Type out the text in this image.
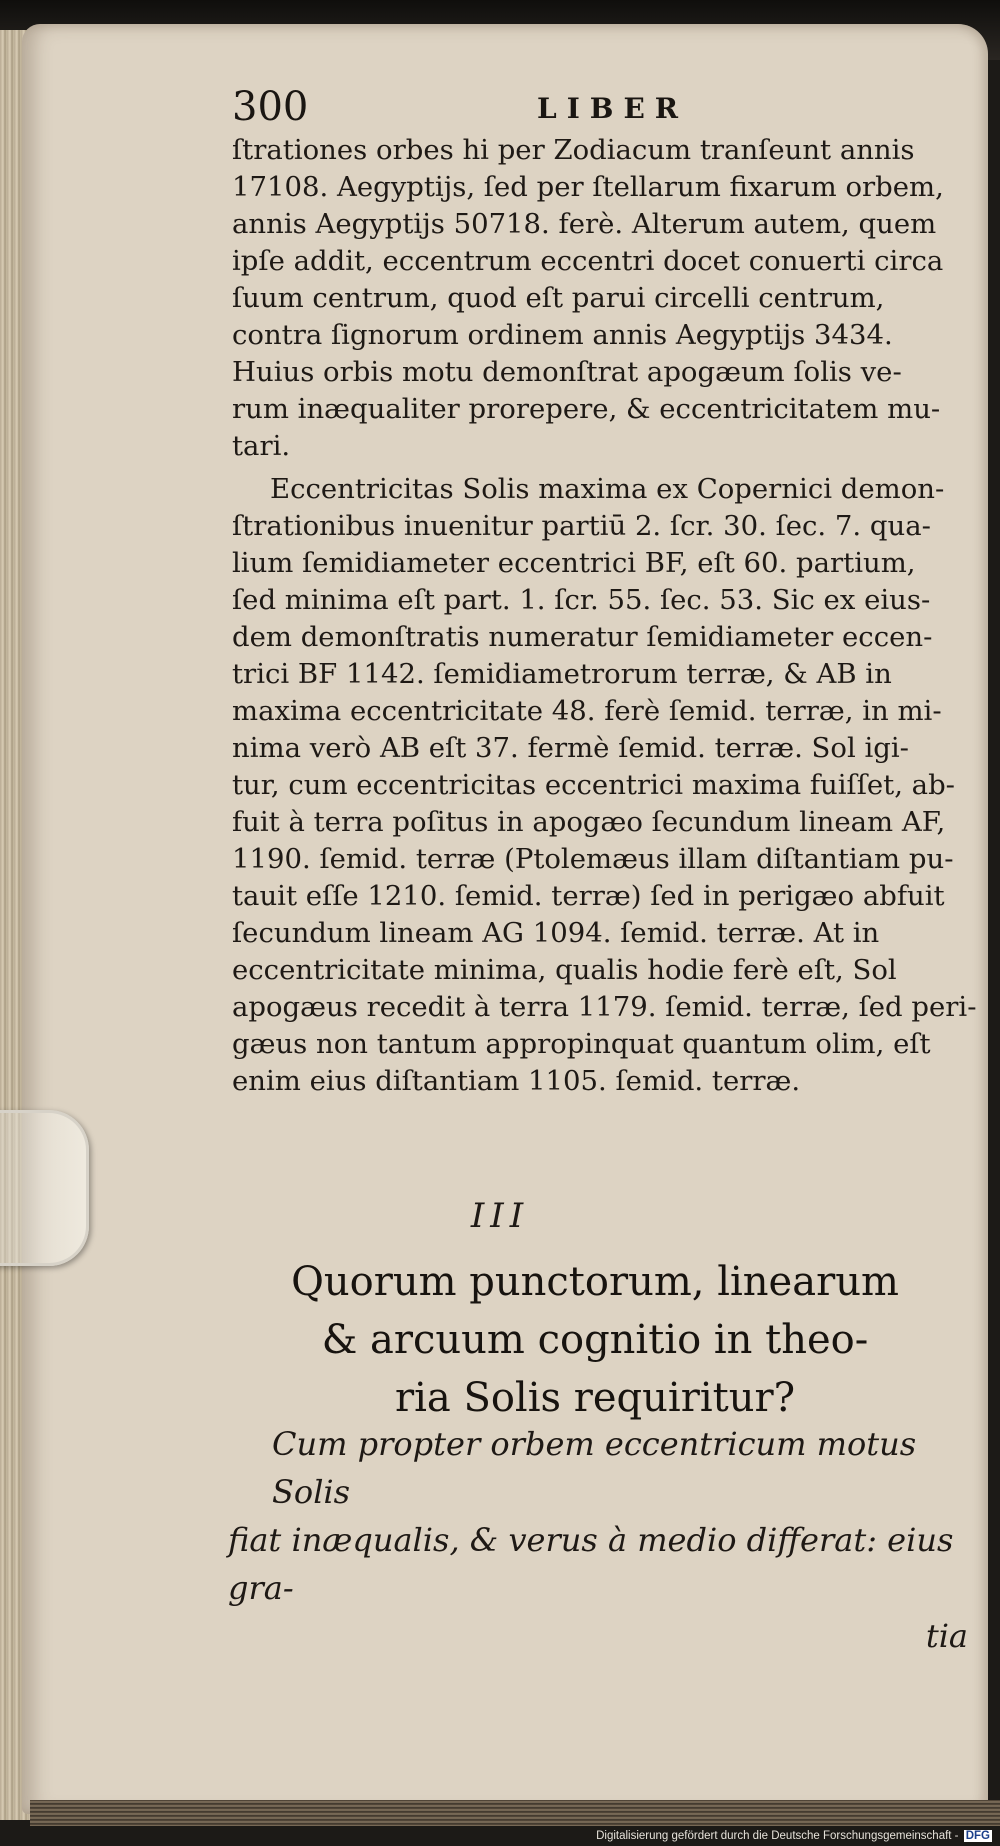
300	LIBER
ſtrationes orbes hi per Zodiacum tranſeunt annis
17108. Aegyptijs, ſed per ſtellarum fixarum orbem,
annis Aegyptijs 50718. ferè. Alterum autem, quem
ipſe addit, eccentrum eccentri docet conuerti circa
ſuum centrum, quod eſt parui circelli centrum,
contra ſignorum ordinem annis Aegyptijs 3434.
Huius orbis motu demonſtrat apogæum ſolis ve-
rum inæqualiter prorepere, & eccentricitatem mu-
tari.
Eccentricitas Solis maxima ex Copernici demon-
ſtrationibus inuenitur partiū 2. ſcr. 30. ſec. 7. qua-
lium ſemidiameter eccentrici BF, eſt 60. partium,
ſed minima eſt part. 1. ſcr. 55. ſec. 53. Sic ex eius-
dem demonſtratis numeratur ſemidiameter eccen-
trici BF 1142. ſemidiametrorum terræ, & AB in
maxima eccentricitate 48. ferè ſemid. terræ, in mi-
nima verò AB eſt 37. fermè ſemid. terræ. Sol igi-
tur, cum eccentricitas eccentrici maxima fuiſſet, ab-
fuit à terra poſitus in apogæo ſecundum lineam AF,
1190. ſemid. terræ (Ptolemæus illam diſtantiam pu-
tauit eſſe 1210. ſemid. terræ) ſed in perigæo abfuit
ſecundum lineam AG 1094. ſemid. terræ. At in
eccentricitate minima, qualis hodie ferè eſt, Sol
apogæus recedit à terra 1179. ſemid. terræ, ſed peri-
gæus non tantum appropinquat quantum olim, eſt
enim eius diſtantiam 1105. ſemid. terræ.
III
Quorum punctorum, linearum
& arcuum cognitio in theo-
ria Solis requiritur?
Cum propter orbem eccentricum motus Solis
fiat inæqualis, & verus à medio differat: eius gra-
tia
Digitalisierung gefördert durch die Deutsche Forschungsgemeinschaft - DFG
